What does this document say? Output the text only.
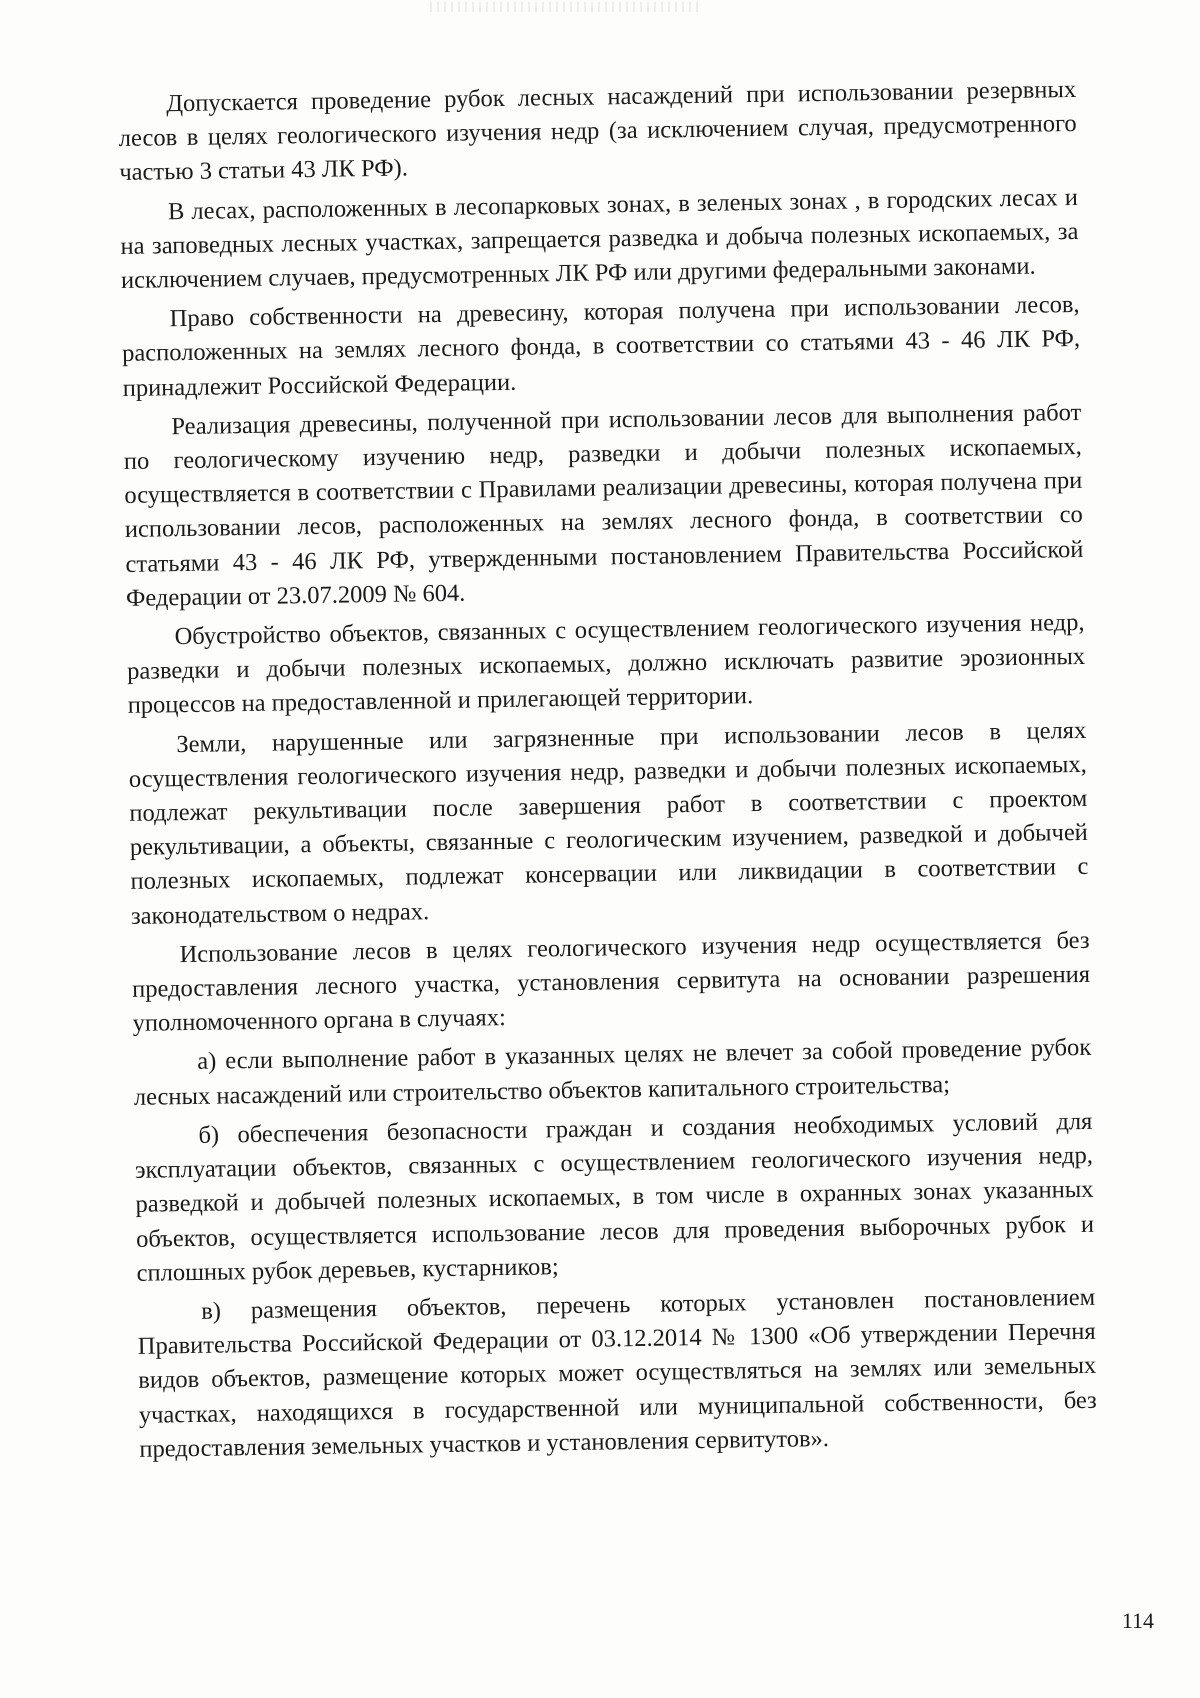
Допускается проведение рубок лесных насаждений при использовании резервных лесов в целях геологического изучения недр (за исключением случая, предусмотренного частью 3 статьи 43 ЛК РФ).

В лесах, расположенных в лесопарковых зонах, в зеленых зонах , в городских лесах и на заповедных лесных участках, запрещается разведка и добыча полезных ископаемых, за исключением случаев, предусмотренных ЛК РФ или другими федеральными законами.

Право собственности на древесину, которая получена при использовании лесов, расположенных на землях лесного фонда, в соответствии со статьями 43 - 46 ЛК РФ, принадлежит Российской Федерации.

Реализация древесины, полученной при использовании лесов для выполнения работ по геологическому изучению недр, разведки и добычи полезных ископаемых, осуществляется в соответствии с Правилами реализации древесины, которая получена при использовании лесов, расположенных на землях лесного фонда, в соответствии со статьями 43 - 46 ЛК РФ, утвержденными постановлением Правительства Российской Федерации от 23.07.2009 № 604.

Обустройство объектов, связанных с осуществлением геологического изучения недр, разведки и добычи полезных ископаемых, должно исключать развитие эрозионных процессов на предоставленной и прилегающей территории.

Земли, нарушенные или загрязненные при использовании лесов в целях осуществления геологического изучения недр, разведки и добычи полезных ископаемых, подлежат рекультивации после завершения работ в соответствии с проектом рекультивации, а объекты, связанные с геологическим изучением, разведкой и добычей полезных ископаемых, подлежат консервации или ликвидации в соответствии с законодательством о недрах.

Использование лесов в целях геологического изучения недр осуществляется без предоставления лесного участка, установления сервитута на основании разрешения уполномоченного органа в случаях:

а) если выполнение работ в указанных целях не влечет за собой проведение рубок лесных насаждений или строительство объектов капитального строительства;

б) обеспечения безопасности граждан и создания необходимых условий для эксплуатации объектов, связанных с осуществлением геологического изучения недр, разведкой и добычей полезных ископаемых, в том числе в охранных зонах указанных объектов, осуществляется использование лесов для проведения выборочных рубок и сплошных рубок деревьев, кустарников;

в) размещения объектов, перечень которых установлен постановлением Правительства Российской Федерации от 03.12.2014 № 1300 «Об утверждении Перечня видов объектов, размещение которых может осуществляться на землях или земельных участках, находящихся в государственной или муниципальной собственности, без предоставления земельных участков и установления сервитутов».

114
